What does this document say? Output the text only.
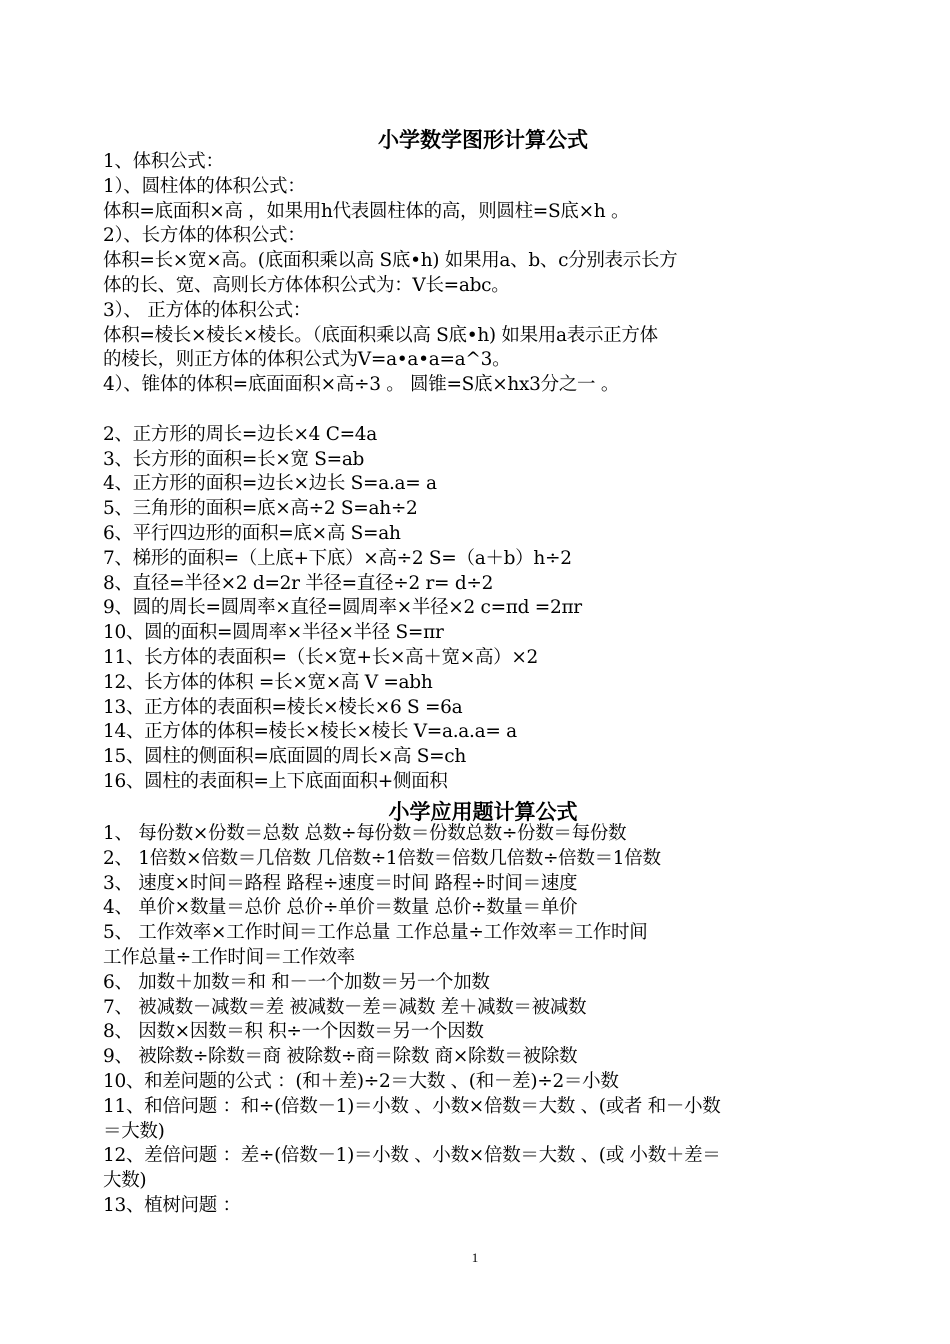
小学数学图形计算公式
1、体积公式：
1）、圆柱体的体积公式：
体积=底面积×高 ，如果用h代表圆柱体的高，则圆柱=S底×h 。
2）、长方体的体积公式：
体积=长×宽×高。(底面积乘以高 S底•h) 如果用a、b、c分别表示长方
体的长、宽、高则长方体体积公式为：V长=abc。
3）、 正方体的体积公式：
体积=棱长×棱长×棱长。（底面积乘以高 S底•h) 如果用a表示正方体
的棱长，则正方体的体积公式为V=a•a•a=a^3。
4）、锥体的体积=底面面积×高÷3 。 圆锥=S底×hx3分之一 。
2、正方形的周长=边长×4 C=4a
3、长方形的面积=长×宽 S=ab
4、正方形的面积=边长×边长 S=a.a= a
5、三角形的面积=底×高÷2 S=ah÷2
6、平行四边形的面积=底×高 S=ah
7、梯形的面积=（上底+下底）×高÷2 S=（a＋b）h÷2
8、直径=半径×2 d=2r 半径=直径÷2 r= d÷2
9、圆的周长=圆周率×直径=圆周率×半径×2 c=πd =2πr
10、圆的面积=圆周率×半径×半径 S=πr
11、长方体的表面积=（长×宽+长×高＋宽×高）×2
12、长方体的体积 =长×宽×高 V =abh
13、正方体的表面积=棱长×棱长×6 S =6a
14、正方体的体积=棱长×棱长×棱长 V=a.a.a= a
15、圆柱的侧面积=底面圆的周长×高 S=ch
16、圆柱的表面积=上下底面面积+侧面积
小学应用题计算公式
1、 每份数×份数＝总数 总数÷每份数＝份数总数÷份数＝每份数
2、 1倍数×倍数＝几倍数 几倍数÷1倍数＝倍数几倍数÷倍数＝1倍数
3、 速度×时间＝路程 路程÷速度＝时间 路程÷时间＝速度
4、 单价×数量＝总价 总价÷单价＝数量 总价÷数量＝单价
5、 工作效率×工作时间＝工作总量 工作总量÷工作效率＝工作时间
工作总量÷工作时间＝工作效率
6、 加数＋加数＝和 和－一个加数＝另一个加数
7、 被减数－减数＝差 被减数－差＝减数 差＋减数＝被减数
8、 因数×因数＝积 积÷一个因数＝另一个因数
9、 被除数÷除数＝商 被除数÷商＝除数 商×除数＝被除数
10、和差问题的公式 ：(和＋差)÷2＝大数 、(和－差)÷2＝小数
11、和倍问题 ：和÷(倍数－1)＝小数 、小数×倍数＝大数 、(或者 和－小数
＝大数)
12、差倍问题 ：差÷(倍数－1)＝小数 、小数×倍数＝大数 、(或 小数＋差＝
大数)
13、植树问题 ：
1
